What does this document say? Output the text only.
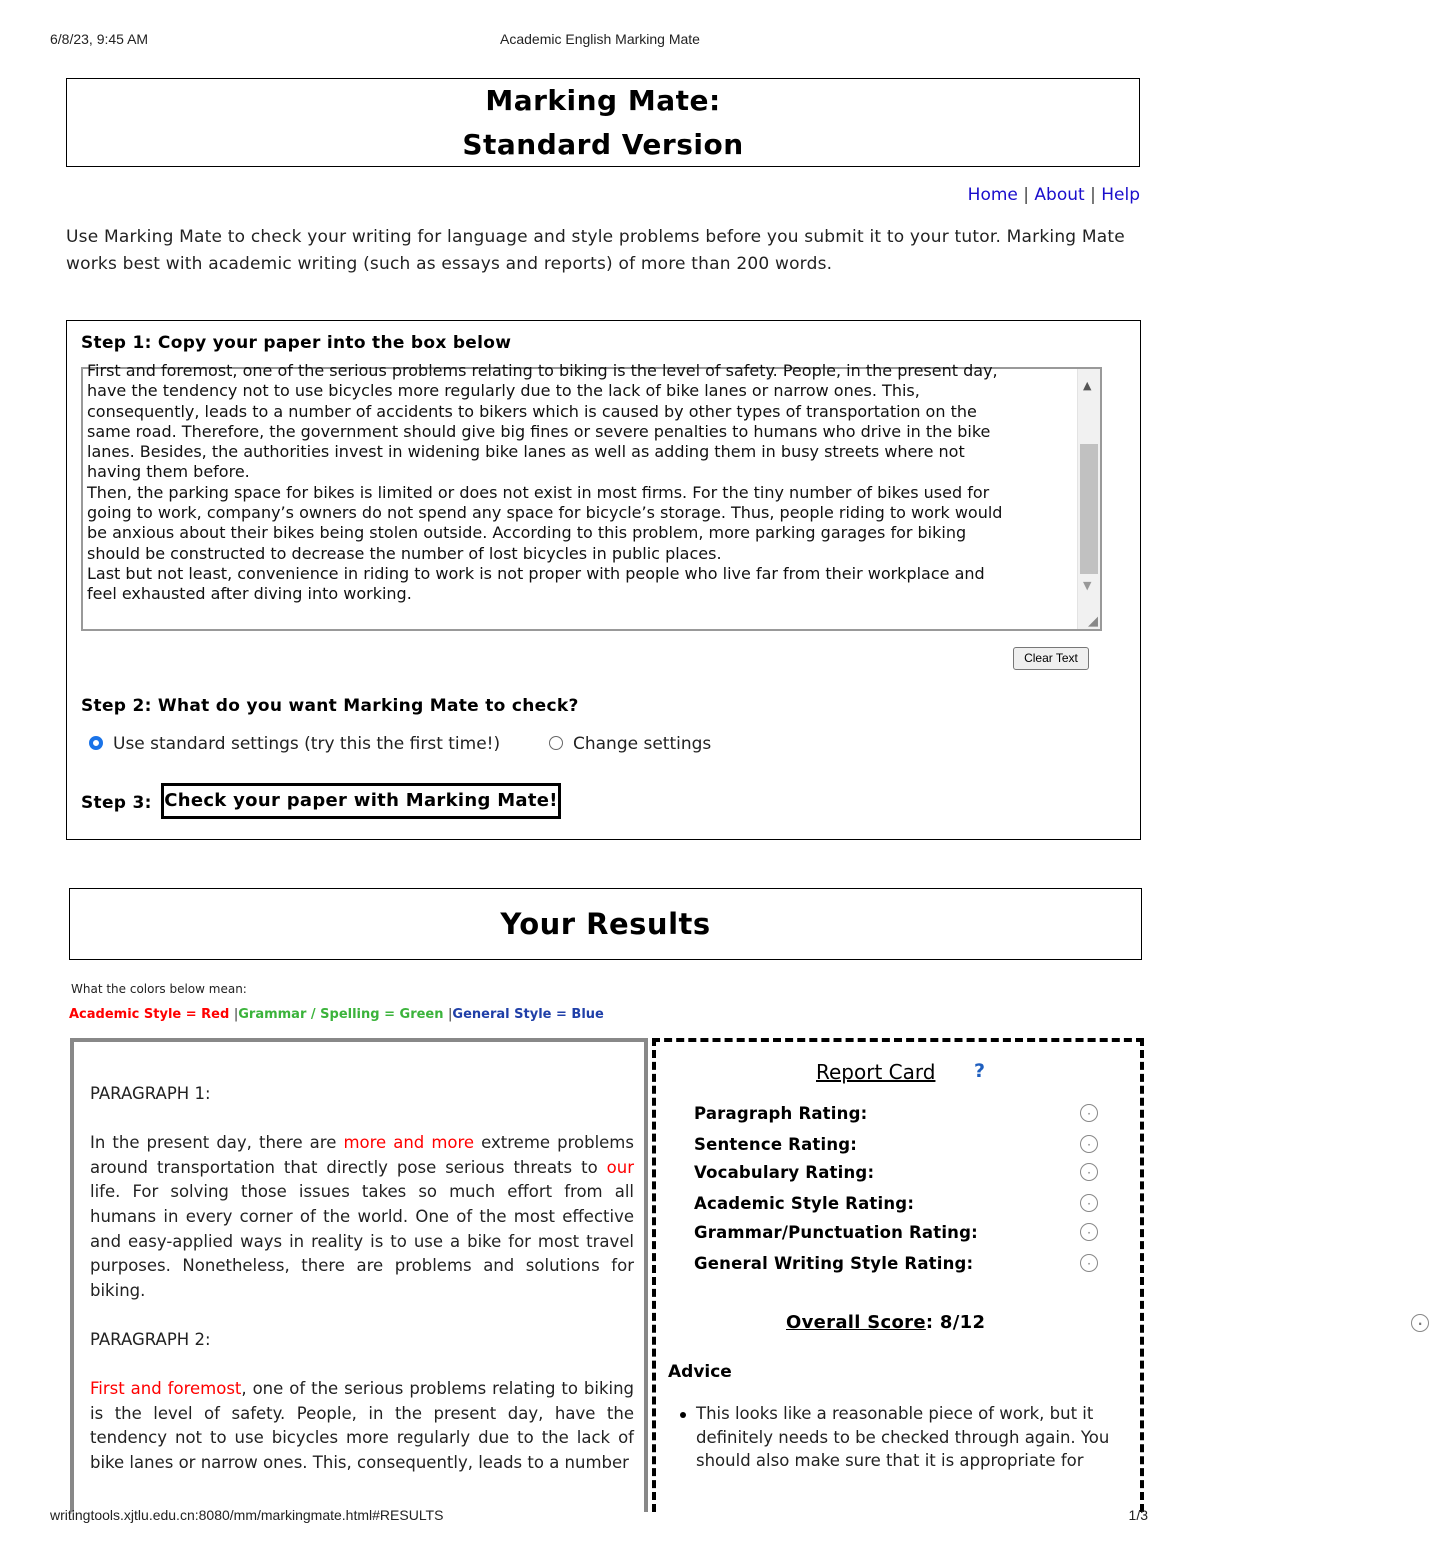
6/8/23, 9:45 AM	Academic English Marking Mate
Marking Mate:
Standard Version
Home | About | Help
Use Marking Mate to check your writing for language and style problems before you submit it to your tutor. Marking Mate works best with academic writing (such as essays and reports) of more than 200 words.
Step 1: Copy your paper into the box below
First and foremost, one of the serious problems relating to biking is the level of safety. People, in the present day,
have the tendency not to use bicycles more regularly due to the lack of bike lanes or narrow ones. This,
consequently, leads to a number of accidents to bikers which is caused by other types of transportation on the
same road. Therefore, the government should give big fines or severe penalties to humans who drive in the bike
lanes. Besides, the authorities invest in widening bike lanes as well as adding them in busy streets where not
having them before.
Then, the parking space for bikes is limited or does not exist in most firms. For the tiny number of bikes used for
going to work, company’s owners do not spend any space for bicycle’s storage. Thus, people riding to work would
be anxious about their bikes being stolen outside. According to this problem, more parking garages for biking
should be constructed to decrease the number of lost bicycles in public places.
Last but not least, convenience in riding to work is not proper with people who live far from their workplace and
feel exhausted after diving into working.
▲
▼
◢
Clear Text
Step 2: What do you want Marking Mate to check?
Use standard settings (try this the first time!)	Change settings
Step 3: Check your paper with Marking Mate!
Your Results
What the colors below mean:
Academic Style = Red |Grammar / Spelling = Green |General Style = Blue

PARAGRAPH 1:

In the present day, there are more and more extreme problems around transportation that directly pose serious threats to our life. For solving those issues takes so much effort from all humans in every corner of the world. One of the most effective and easy-applied ways in reality is to use a bike for most travel purposes. Nonetheless, there are problems and solutions for biking.

PARAGRAPH 2:

First and foremost, one of the serious problems relating to biking is the level of safety. People, in the present day, have the tendency not to use bicycles more regularly due to the lack of bike lanes or narrow ones. This, consequently, leads to a number

Report Card ?
Paragraph Rating:	·
Sentence Rating:	·
Vocabulary Rating:	·
Academic Style Rating:	·
Grammar/Punctuation Rating:	·
General Writing Style Rating:	·
Overall Score: 8/12	·
Advice
This looks like a reasonable piece of work, but it definitely needs to be checked through again. You should also make sure that it is appropriate for
writingtools.xjtlu.edu.cn:8080/mm/markingmate.html#RESULTS	1/3
